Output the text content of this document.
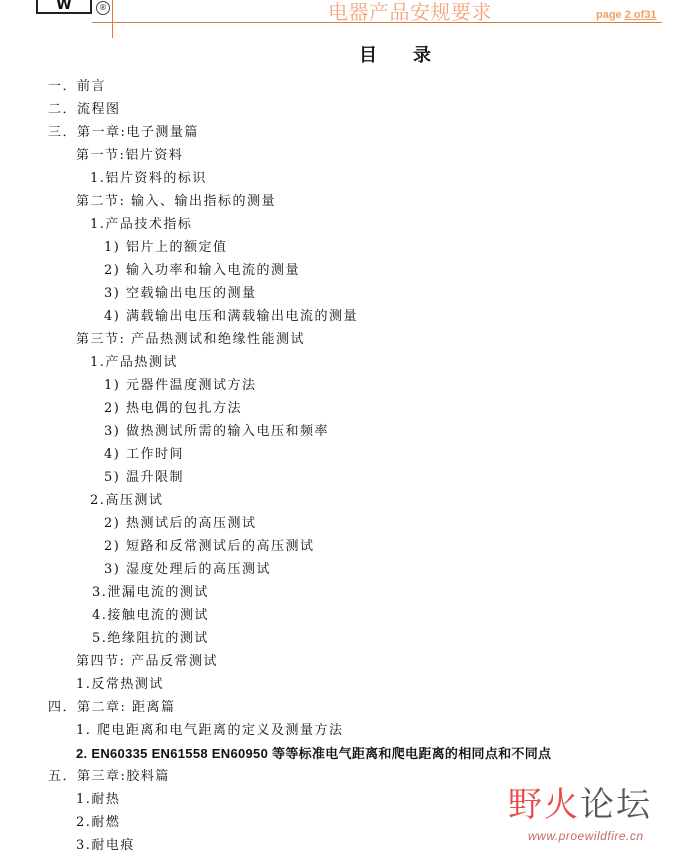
W	®	电器产品安规要求	page 2 of31
目录
一．前言
二．流程图
三．第一章:电子测量篇
第一节:铝片资料
1.铝片资料的标识
第二节: 输入、输出指标的测量
1.产品技术指标
1) 铝片上的额定值
2) 输入功率和输入电流的测量
3) 空载输出电压的测量
4) 满载输出电压和满载输出电流的测量
第三节: 产品热测试和绝缘性能测试
1.产品热测试
1) 元器件温度测试方法
2) 热电偶的包扎方法
3) 做热测试所需的输入电压和频率
4) 工作时间
5) 温升限制
2.高压测试
2) 热测试后的高压测试
2) 短路和反常测试后的高压测试
3) 湿度处理后的高压测试
3.泄漏电流的测试
4.接触电流的测试
5.绝缘阻抗的测试
第四节: 产品反常测试
1.反常热测试
四．第二章: 距离篇
1. 爬电距离和电气距离的定义及测量方法
2. EN60335 EN61558 EN60950 等等标准电气距离和爬电距离的相同点和不同点
五．第三章:胶料篇
1.耐热
2.耐燃
3.耐电痕
野火论坛
www.proewildfire.cn
